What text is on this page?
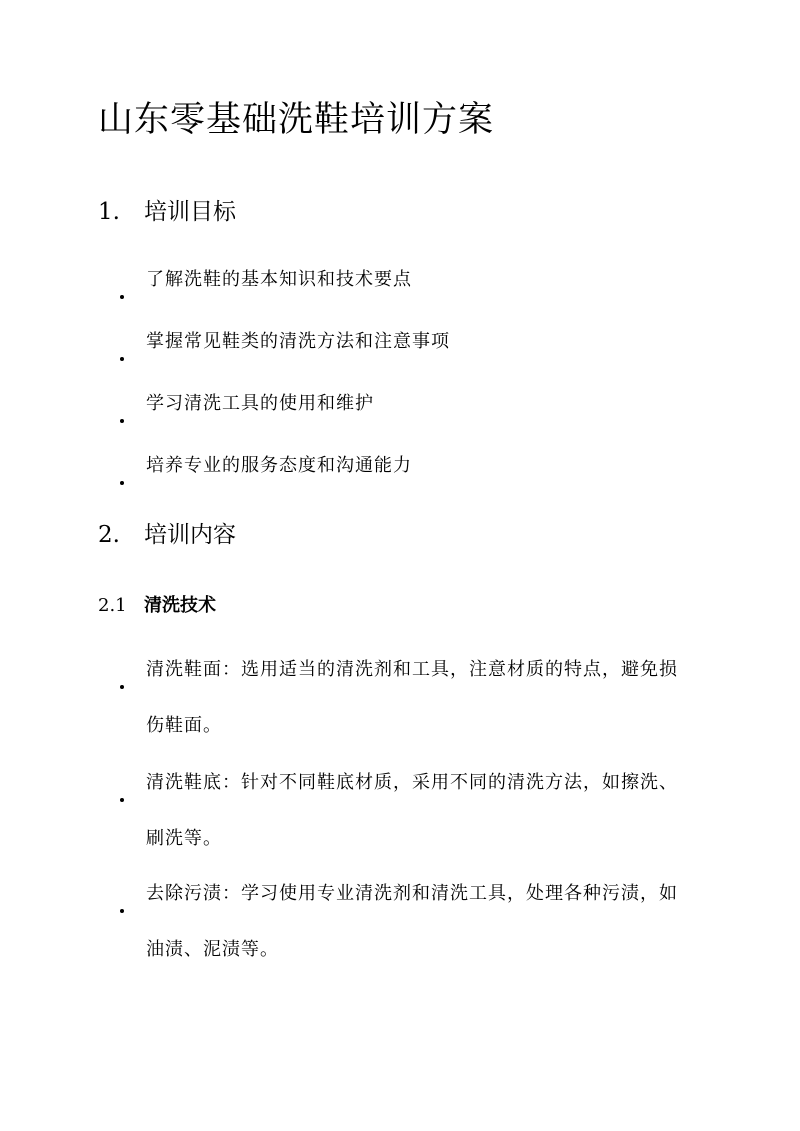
山东零基础洗鞋培训方案
1. 培训目标
了解洗鞋的基本知识和技术要点
掌握常见鞋类的清洗方法和注意事项
学习清洗工具的使用和维护
培养专业的服务态度和沟通能力
2. 培训内容
2.1 清洗技术
清洗鞋面：选用适当的清洗剂和工具，注意材质的特点，避免损伤鞋面。
清洗鞋底：针对不同鞋底材质，采用不同的清洗方法，如擦洗、刷洗等。
去除污渍：学习使用专业清洗剂和清洗工具，处理各种污渍，如油渍、泥渍等。
